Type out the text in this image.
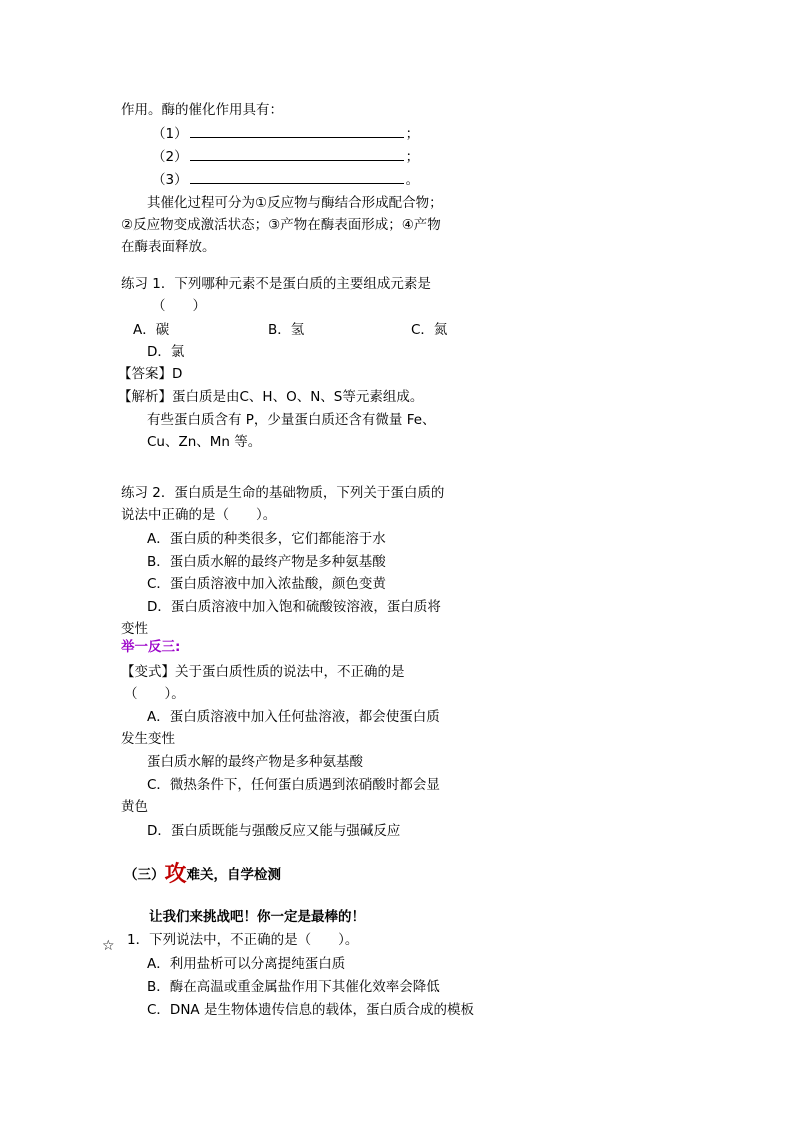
作用。酶的催化作用具有：
（1）	；
（2）	；
（3）	。
其催化过程可分为①反应物与酶结合形成配合物；
②反应物变成激活状态；③产物在酶表面形成；④产物
在酶表面释放。
练习 1．下列哪种元素不是蛋白质的主要组成元素是
（　　）
A．碳	B．氢	C．氮
D．氯
【答案】D
【解析】蛋白质是由C、H、O、N、S等元素组成。
有些蛋白质含有 P，少量蛋白质还含有微量 Fe、
Cu、Zn、Mn 等。
练习 2．蛋白质是生命的基础物质，下列关于蛋白质的
说法中正确的是（　　）。
A．蛋白质的种类很多，它们都能溶于水
B．蛋白质水解的最终产物是多种氨基酸
C．蛋白质溶液中加入浓盐酸，颜色变黄
D．蛋白质溶液中加入饱和硫酸铵溶液，蛋白质将
变性
举一反三:
【变式】关于蛋白质性质的说法中，不正确的是
（　　）。
A．蛋白质溶液中加入任何盐溶液，都会使蛋白质
发生变性
蛋白质水解的最终产物是多种氨基酸
C．微热条件下，任何蛋白质遇到浓硝酸时都会显
黄色
D．蛋白质既能与强酸反应又能与强碱反应
（三）攻难关，自学检测
让我们来挑战吧！你一定是最棒的！
☆ 1．下列说法中，不正确的是（　　）。
A．利用盐析可以分离提纯蛋白质
B．酶在高温或重金属盐作用下其催化效率会降低
C．DNA 是生物体遗传信息的载体，蛋白质合成的模板
